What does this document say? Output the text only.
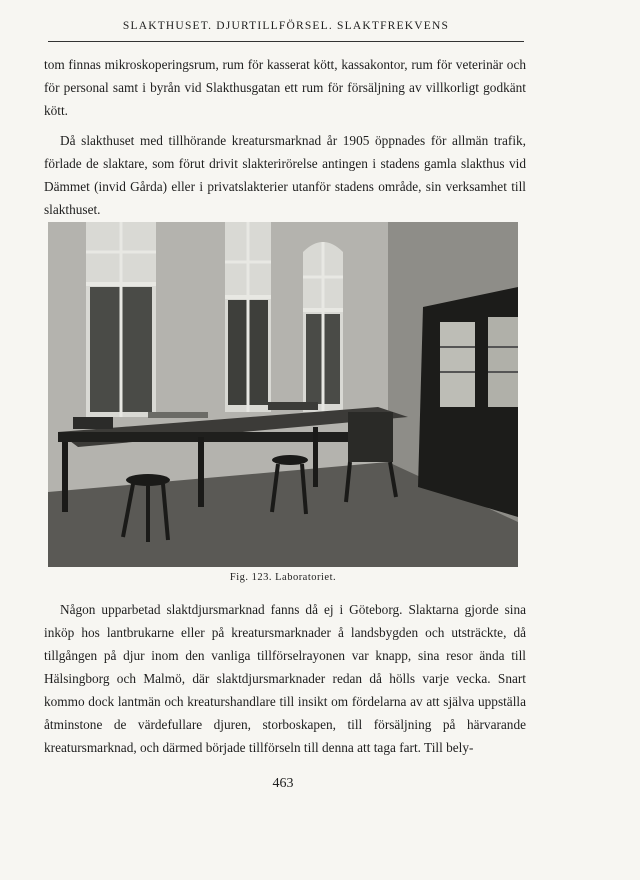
SLAKTHUSET. DJURTILLFÖRSEL. SLAKTFREKVENS

tom finnas mikroskoperingsrum, rum för kasserat kött, kassakontor, rum för veterinär och för personal samt i byrån vid Slakthusgatan ett rum för försäljning av villkorligt godkänt kött.

Då slakthuset med tillhörande kreatursmarknad år 1905 öppnades för allmän trafik, förlade de slaktare, som förut drivit slakterirörelse antingen i stadens gamla slakthus vid Dämmet (invid Gårda) eller i privatslakterier utanför stadens område, sin verksamhet till slakthuset.

Fig. 123. Laboratoriet.

Någon upparbetad slaktdjursmarknad fanns då ej i Göteborg. Slaktarna gjorde sina inköp hos lantbrukarne eller på kreatursmarknader å landsbygden och utsträckte, då tillgången på djur inom den vanliga tillförselrayonen var knapp, sina resor ända till Hälsingborg och Malmö, där slaktdjursmarknader redan då hölls varje vecka. Snart kommo dock lantmän och kreaturshandlare till insikt om fördelarna av att själva uppställa åtminstone de värdefullare djuren, storboskapen, till försäljning på härvarande kreatursmarknad, och därmed började tillförseln till denna att taga fart. Till bely-

463
